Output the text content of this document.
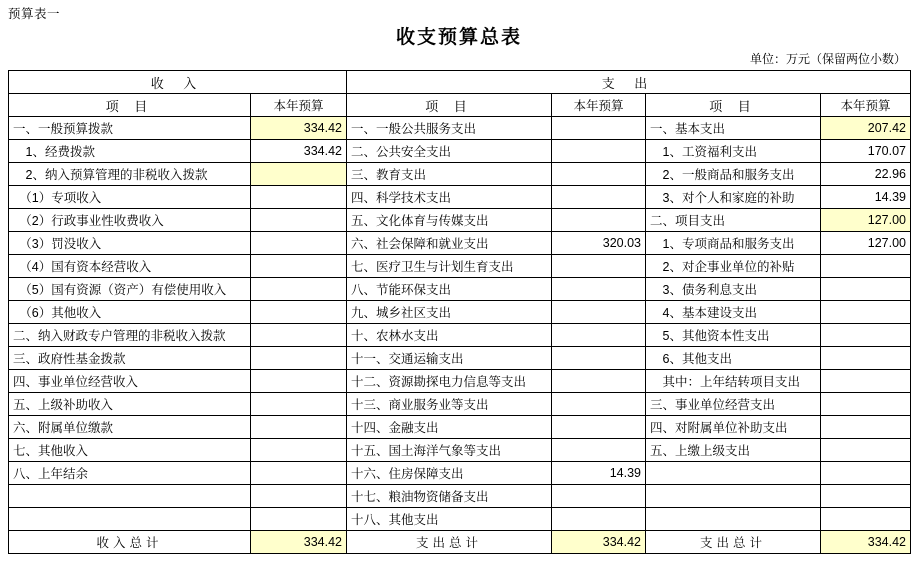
预算表一
收支预算总表
单位：万元（保留两位小数）
收 入		支 出			
项 目	本年预算	项 目	本年预算	项 目	本年预算
一、一般预算拨款	334.42	一、一般公共服务支出		一、基本支出	207.42
　1、经费拨款	334.42	二、公共安全支出		　1、工资福利支出	170.07
　2、纳入预算管理的非税收入拨款		三、教育支出		　2、一般商品和服务支出	22.96
　（1）专项收入		四、科学技术支出		　3、对个人和家庭的补助	14.39
　（2）行政事业性收费收入		五、文化体育与传媒支出		二、项目支出	127.00
　（3）罚没收入		六、社会保障和就业支出	320.03	　1、专项商品和服务支出	127.00
　（4）国有资本经营收入		七、医疗卫生与计划生育支出		　2、对企事业单位的补贴	
　（5）国有资源（资产）有偿使用收入		八、节能环保支出		　3、债务利息支出	
　（6）其他收入		九、城乡社区支出		　4、基本建设支出	
二、纳入财政专户管理的非税收入拨款		十、农林水支出		　5、其他资本性支出	
三、政府性基金拨款		十一、交通运输支出		　6、其他支出	
四、事业单位经营收入		十二、资源勘探电力信息等支出		　其中：上年结转项目支出	
五、上级补助收入		十三、商业服务业等支出		三、事业单位经营支出	
六、附属单位缴款		十四、金融支出		四、对附属单位补助支出	
七、其他收入		十五、国土海洋气象等支出		五、上缴上级支出	
八、上年结余		十六、住房保障支出	14.39		
		十七、粮油物资储备支出			
		十八、其他支出			
收入总计	334.42	支出总计	334.42	支出总计	334.42
